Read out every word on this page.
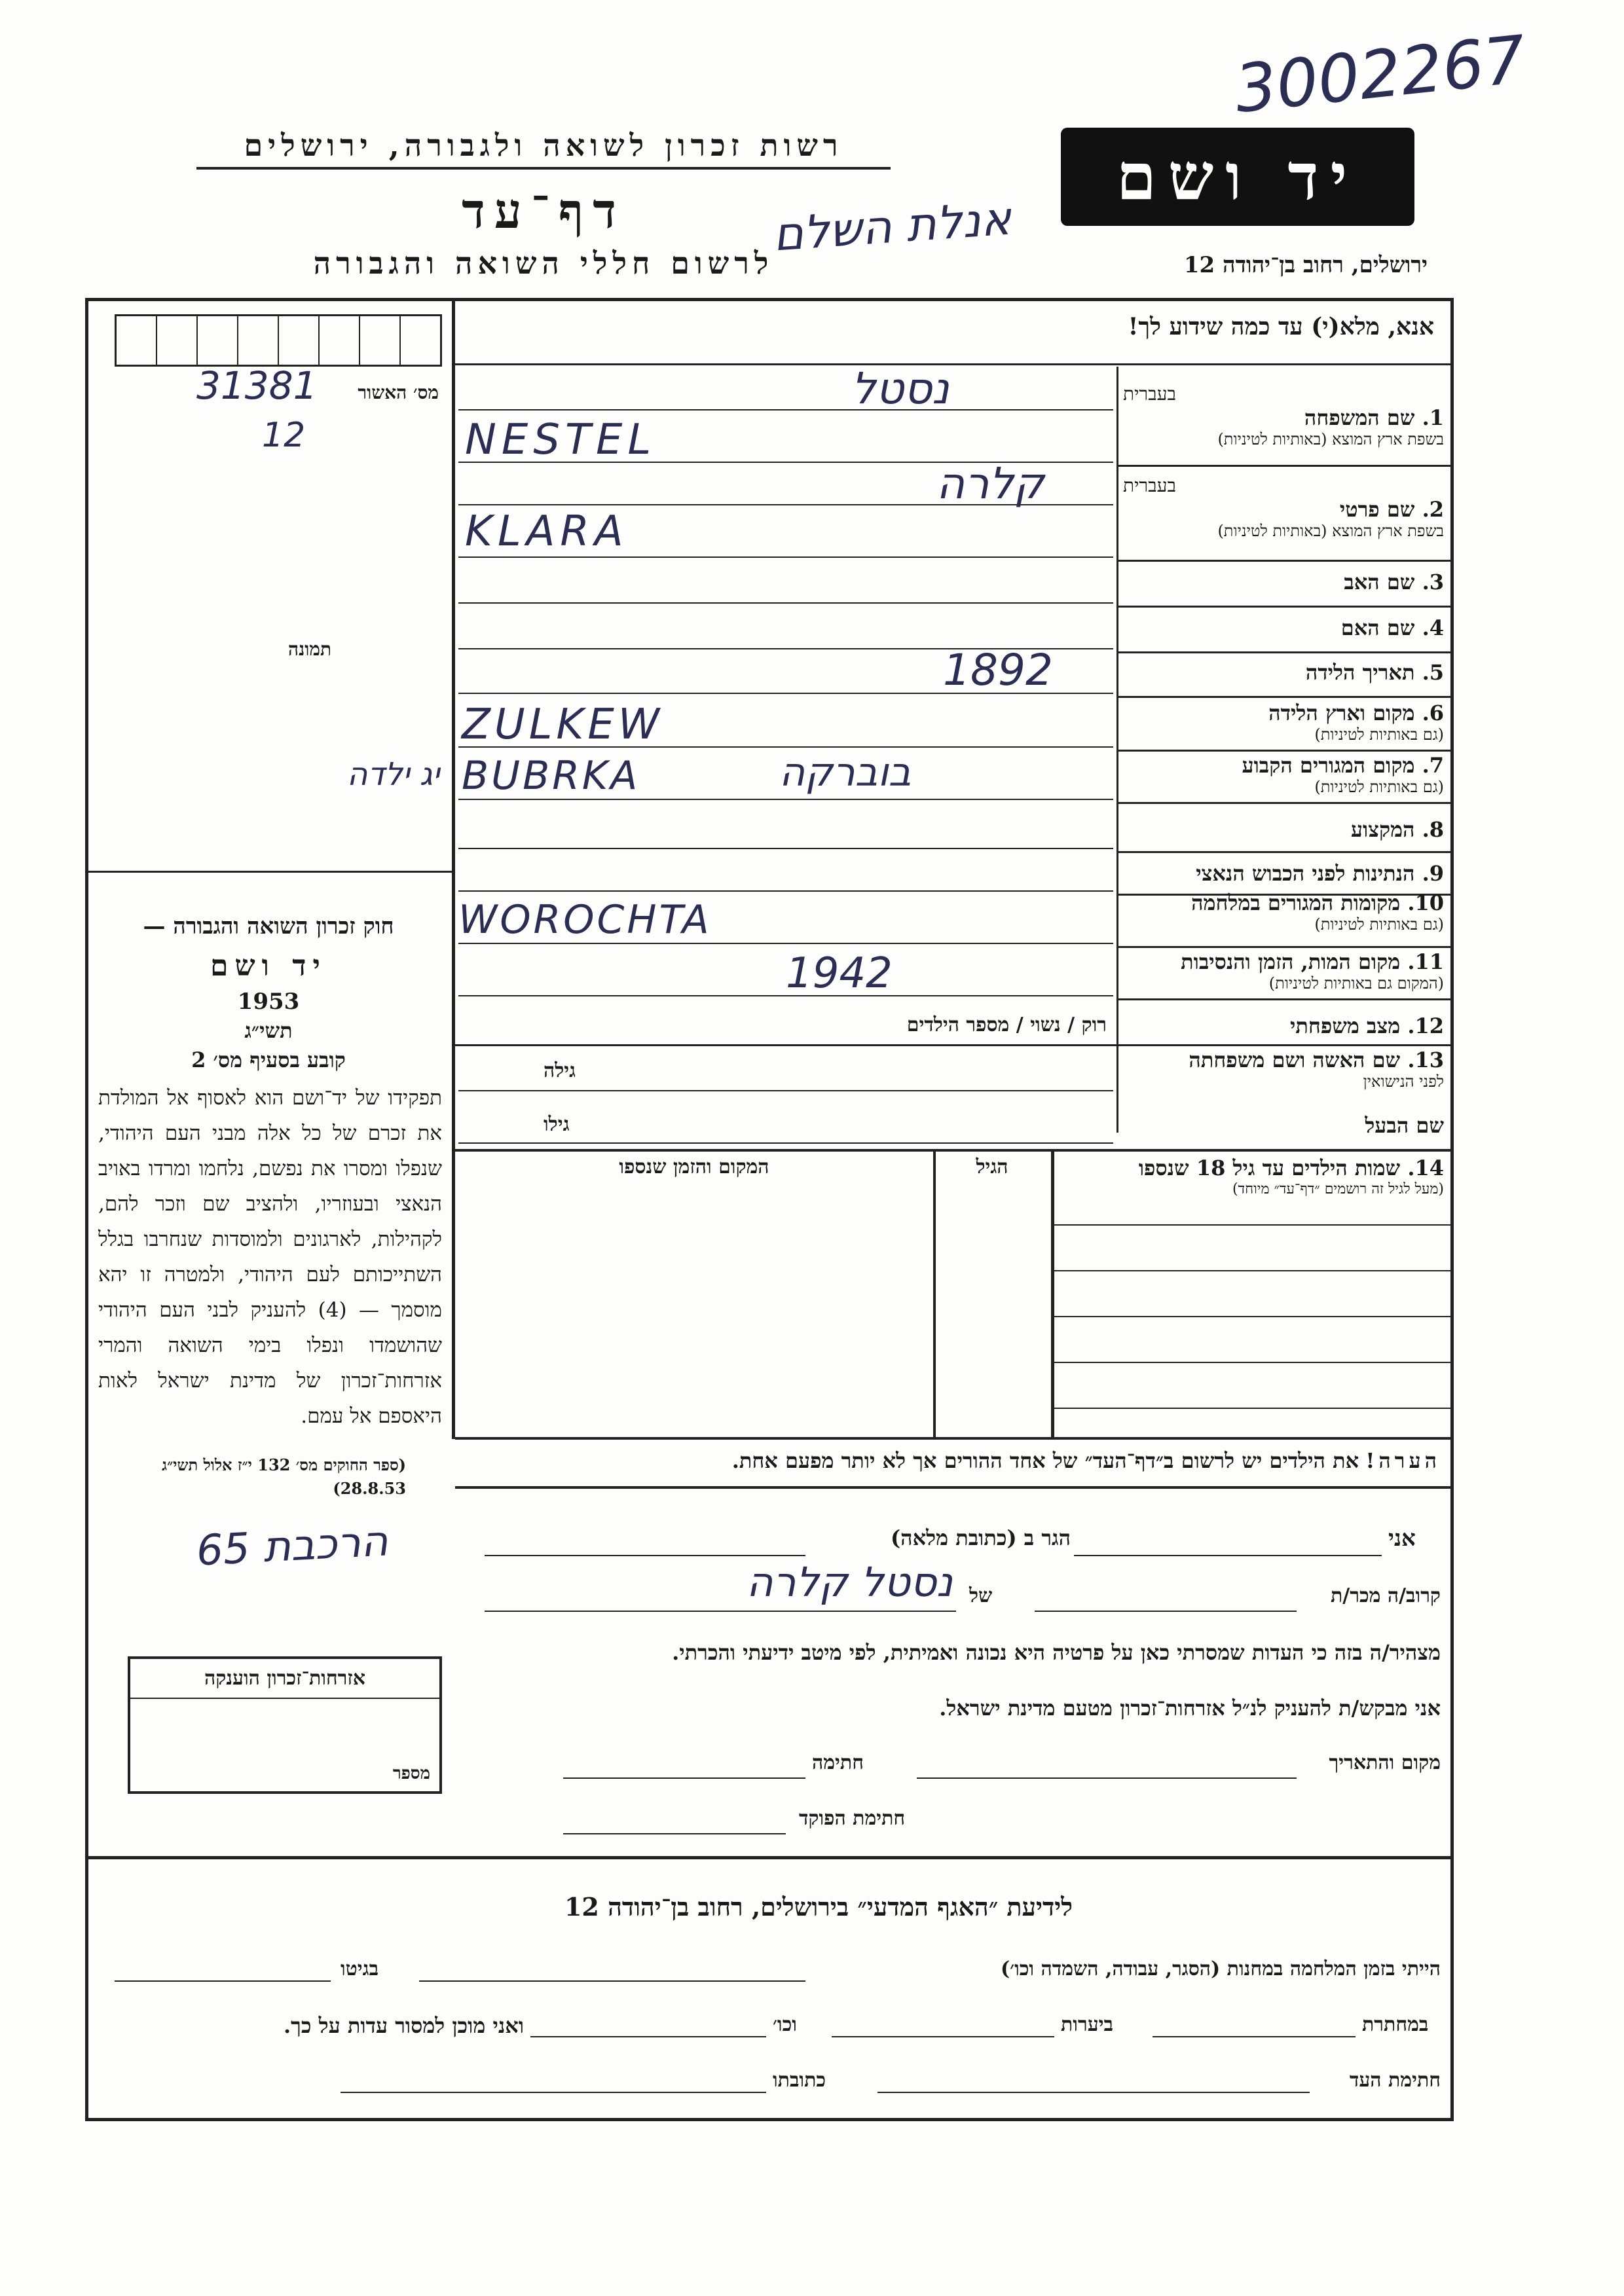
3002267
רשות זכרון לשואה ולגבורה, ירושלים
דף־עד
לרשום חללי השואה והגבורה
אנלת השלם
יד ושם
ירושלים, רחוב בן־יהודה 12
אנא, מלא(י) עד כמה שידוע לך!
מס׳ האשור
31381
12
תמונה
יג ילדה
חוק זכרון השואה והגבורה —
יד ושם
1953
תשי״ג
קובע בסעיף מס׳ 2
תפקידו של יד־ושם הוא לאסוף אל המולדת את זכרם של כל אלה מבני העם היהודי, שנפלו ומסרו את נפשם, נלחמו ומרדו באויב הנאצי ובעוזריו, ולהציב שם וזכר להם, לקהילות, לארגונים ולמוסדות שנחרבו בגלל השתייכותם לעם היהודי, ולמטרה זו יהא מוסמך — (4) להעניק לבני העם היהודי שהושמדו ונפלו בימי השואה והמרי אזרחות־זכרון של מדינת ישראל לאות היאספם אל עמם.
(ספר החוקים מס׳ 132 י״ז אלול תשי״ג 28.8.53)
הרכבת 65
אזרחות־זכרון הוענקה
מספר
בעברית
1. שם המשפחה
בשפת ארץ המוצא (באותיות לטיניות)
נסטל
NESTEL
בעברית
2. שם פרטי
בשפת ארץ המוצא (באותיות לטיניות)
קלרה
KLARA
3. שם האב
4. שם האם
5. תאריך הלידה
1892
6. מקום וארץ הלידה
(גם באותיות לטיניות)
ZULKEW
7. מקום המגורים הקבוע
(גם באותיות לטיניות)
BUBRKA	בוברקה
8. המקצוע
9. הנתינות לפני הכבוש הנאצי
10. מקומות המגורים במלחמה
(גם באותיות לטיניות)
WOROCHTA
11. מקום המות, הזמן והנסיבות
(המקום גם באותיות לטיניות)
1942
12. מצב משפחתי
רוק / נשוי / מספר הילדים
13. שם האשה ושם משפחתה
לפני הנישואין
גילה
שם הבעל
גילו
14. שמות הילדים עד גיל 18 שנספו
(מעל לגיל זה רושמים ״דף־עד״ מיוחד)
הגיל
המקום והזמן שנספו
הערה! את הילדים יש לרשום ב״דף־העד״ של אחד ההורים אך לא יותר מפעם אחת.
אני
הגר ב (כתובת מלאה)
קרוב/ה מכר/ת
של
נסטל קלרה
מצהיר/ה בזה כי העדות שמסרתי כאן על פרטיה היא נכונה ואמיתית, לפי מיטב ידיעתי והכרתי.
אני מבקש/ת להעניק לנ״ל אזרחות־זכרון מטעם מדינת ישראל.
מקום והתאריך
חתימה
חתימת הפוקד
לידיעת ״האגף המדעי״ בירושלים, רחוב בן־יהודה 12
הייתי בזמן המלחמה במחנות (הסגר, עבודה, השמדה וכו׳)
בגיטו
במחתרת
ביערות
וכו׳
ואני מוכן למסור עדות על כך.
חתימת העד
כתובתו
